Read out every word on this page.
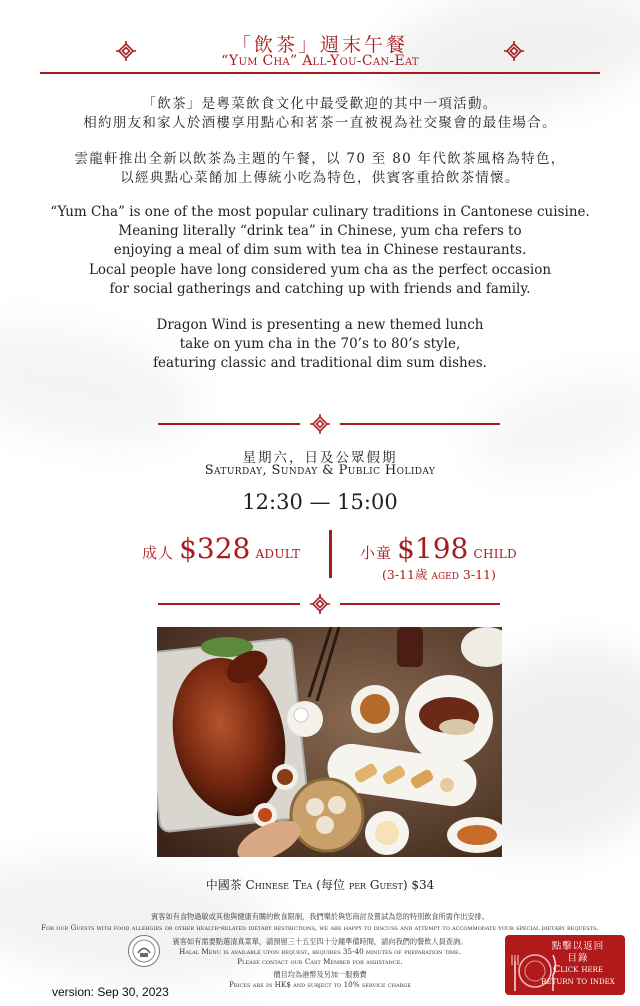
「飲茶」週末午餐
“Yum Cha” All-You-Can-Eat
「飲茶」是粵菜飲食文化中最受歡迎的其中一項活動。
相約朋友和家人於酒樓享用點心和茗茶一直被視為社交聚會的最佳場合。
雲龍軒推出全新以飲茶為主題的午餐，以 70 至 80 年代飲茶風格為特色，
以經典點心菜餚加上傳統小吃為特色，供賓客重拾飲茶情懷。
“Yum Cha” is one of the most popular culinary traditions in Cantonese cuisine.
Meaning literally “drink tea” in Chinese, yum cha refers to
enjoying a meal of dim sum with tea in Chinese restaurants.
Local people have long considered yum cha as the perfect occasion
for social gatherings and catching up with friends and family.
Dragon Wind is presenting a new themed lunch
take on yum cha in the 70’s to 80’s style,
featuring classic and traditional dim sum dishes.
星期六，日及公眾假期
Saturday, Sunday & Public Holiday
12:30 — 15:00
成人 $328 ADULT	小童 $198 CHILD
(3-11歲 aged 3-11)
中國茶 Chinese Tea (每位 per Guest) $34
賓客如有食物過敏或其他與健康有關的飲食限制，我們樂於與您商討及嘗試為您的特別飲食所需作出安排。
For our Guests with food allergies or other health-related dietary restrictions, we are happy to discuss and attempt to accommodate your special dietary requests.
賓客如有需要點選清真菜單，請預留三十五至四十分鐘準備時間，請向我們的餐飲人員查詢。
Halal Menu is available upon request, requires 35-40 minutes of preparation time.
Please contact our Cast Member for assistance.
價目均為港幣及另加一服務費
Prices are in HK$ and subject to 10% service charge
version: Sep 30, 2023
點擊以返回
目錄
Click here
return to index
